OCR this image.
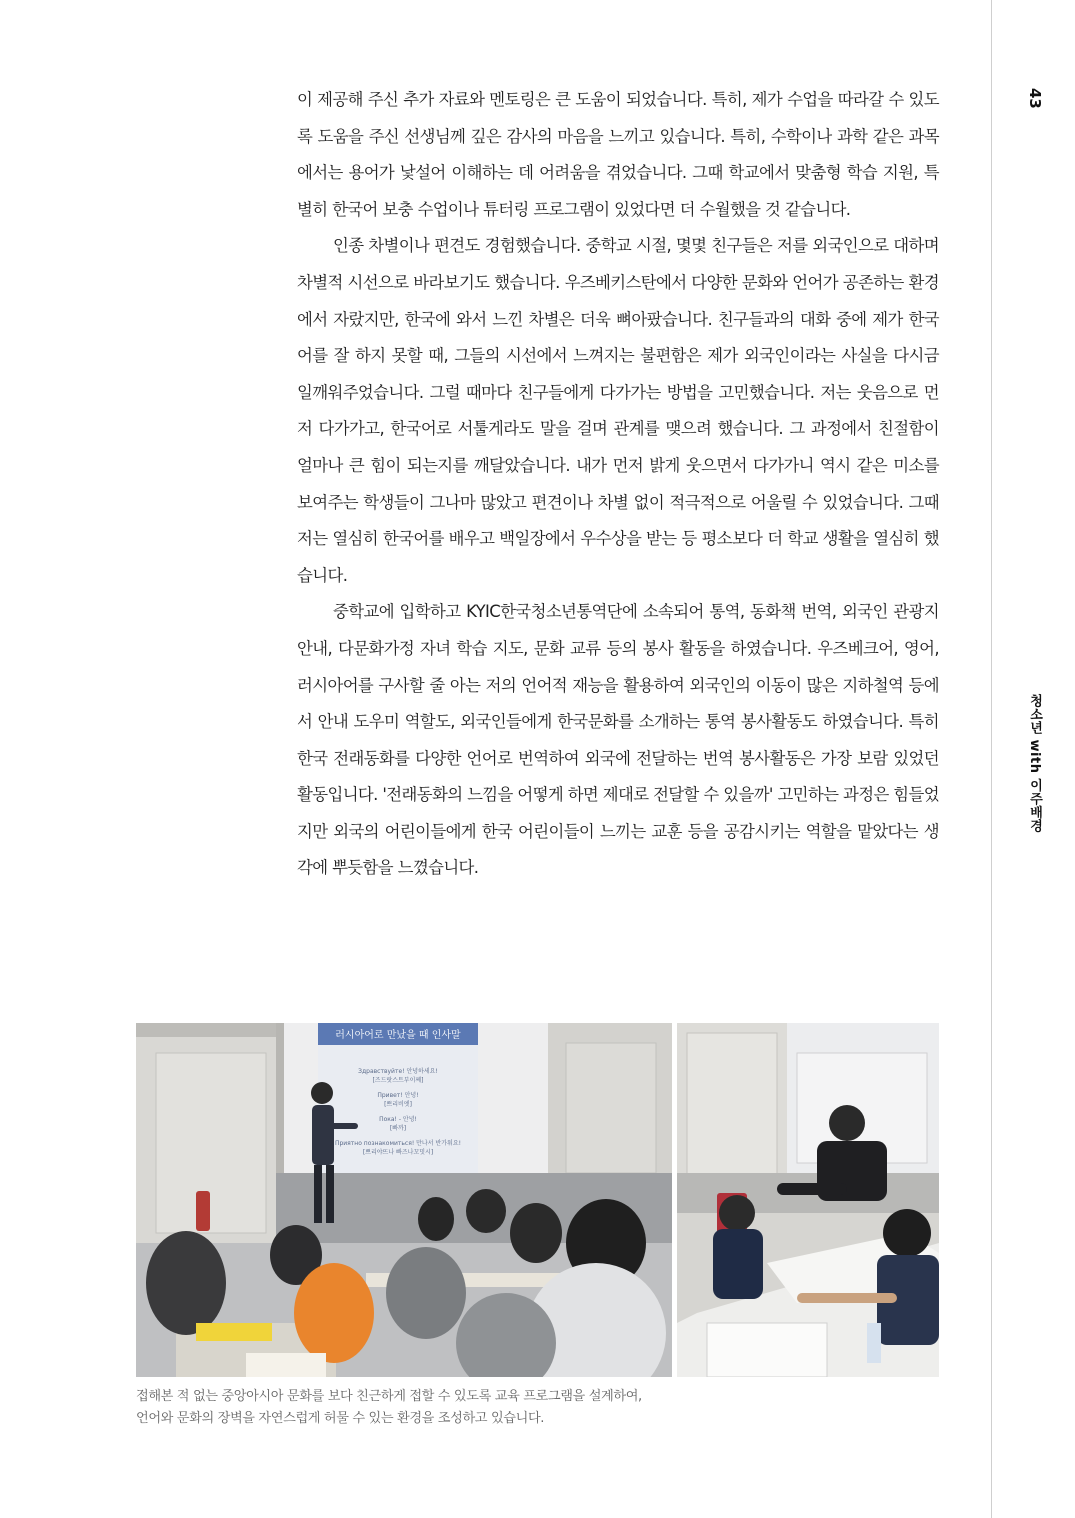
43
청소년 with 이주배경

이 제공해 주신 추가 자료와 멘토링은 큰 도움이 되었습니다. 특히, 제가 수업을 따라갈 수 있도록 도움을 주신 선생님께 깊은 감사의 마음을 느끼고 있습니다. 특히, 수학이나 과학 같은 과목에서는 용어가 낯설어 이해하는 데 어려움을 겪었습니다. 그때 학교에서 맞춤형 학습 지원, 특별히 한국어 보충 수업이나 튜터링 프로그램이 있었다면 더 수월했을 것 같습니다.

인종 차별이나 편견도 경험했습니다. 중학교 시절, 몇몇 친구들은 저를 외국인으로 대하며 차별적 시선으로 바라보기도 했습니다. 우즈베키스탄에서 다양한 문화와 언어가 공존하는 환경에서 자랐지만, 한국에 와서 느낀 차별은 더욱 뼈아팠습니다. 친구들과의 대화 중에 제가 한국어를 잘 하지 못할 때, 그들의 시선에서 느껴지는 불편함은 제가 외국인이라는 사실을 다시금 일깨워주었습니다. 그럴 때마다 친구들에게 다가가는 방법을 고민했습니다. 저는 웃음으로 먼저 다가가고, 한국어로 서툴게라도 말을 걸며 관계를 맺으려 했습니다. 그 과정에서 친절함이 얼마나 큰 힘이 되는지를 깨달았습니다. 내가 먼저 밝게 웃으면서 다가가니 역시 같은 미소를 보여주는 학생들이 그나마 많았고 편견이나 차별 없이 적극적으로 어울릴 수 있었습니다. 그때 저는 열심히 한국어를 배우고 백일장에서 우수상을 받는 등 평소보다 더 학교 생활을 열심히 했습니다.

중학교에 입학하고 KYIC한국청소년통역단에 소속되어 통역, 동화책 번역, 외국인 관광지 안내, 다문화가정 자녀 학습 지도, 문화 교류 등의 봉사 활동을 하였습니다. 우즈베크어, 영어, 러시아어를 구사할 줄 아는 저의 언어적 재능을 활용하여 외국인의 이동이 많은 지하철역 등에서 안내 도우미 역할도, 외국인들에게 한국문화를 소개하는 통역 봉사활동도 하였습니다. 특히 한국 전래동화를 다양한 언어로 번역하여 외국에 전달하는 번역 봉사활동은 가장 보람 있었던 활동입니다. '전래동화의 느낌을 어떻게 하면 제대로 전달할 수 있을까' 고민하는 과정은 힘들었지만 외국의 어린이들에게 한국 어린이들이 느끼는 교훈 등을 공감시키는 역할을 맡았다는 생각에 뿌듯함을 느꼈습니다.

러시아어로 만났을 때 인사말
Здравствуйте! 안녕하세요!
[즈드랏스트부이쩨]
Привет! 안녕!
[쁘리비엣]
Пока! - 안녕!
[빠까]
Приятно познакомиться! 만나서 반가워요!
[쁘리야뜨나 빠즈나꼬밋시]
접해본 적 없는 중앙아시아 문화를 보다 친근하게 접할 수 있도록 교육 프로그램을 설계하여,
언어와 문화의 장벽을 자연스럽게 허물 수 있는 환경을 조성하고 있습니다.
